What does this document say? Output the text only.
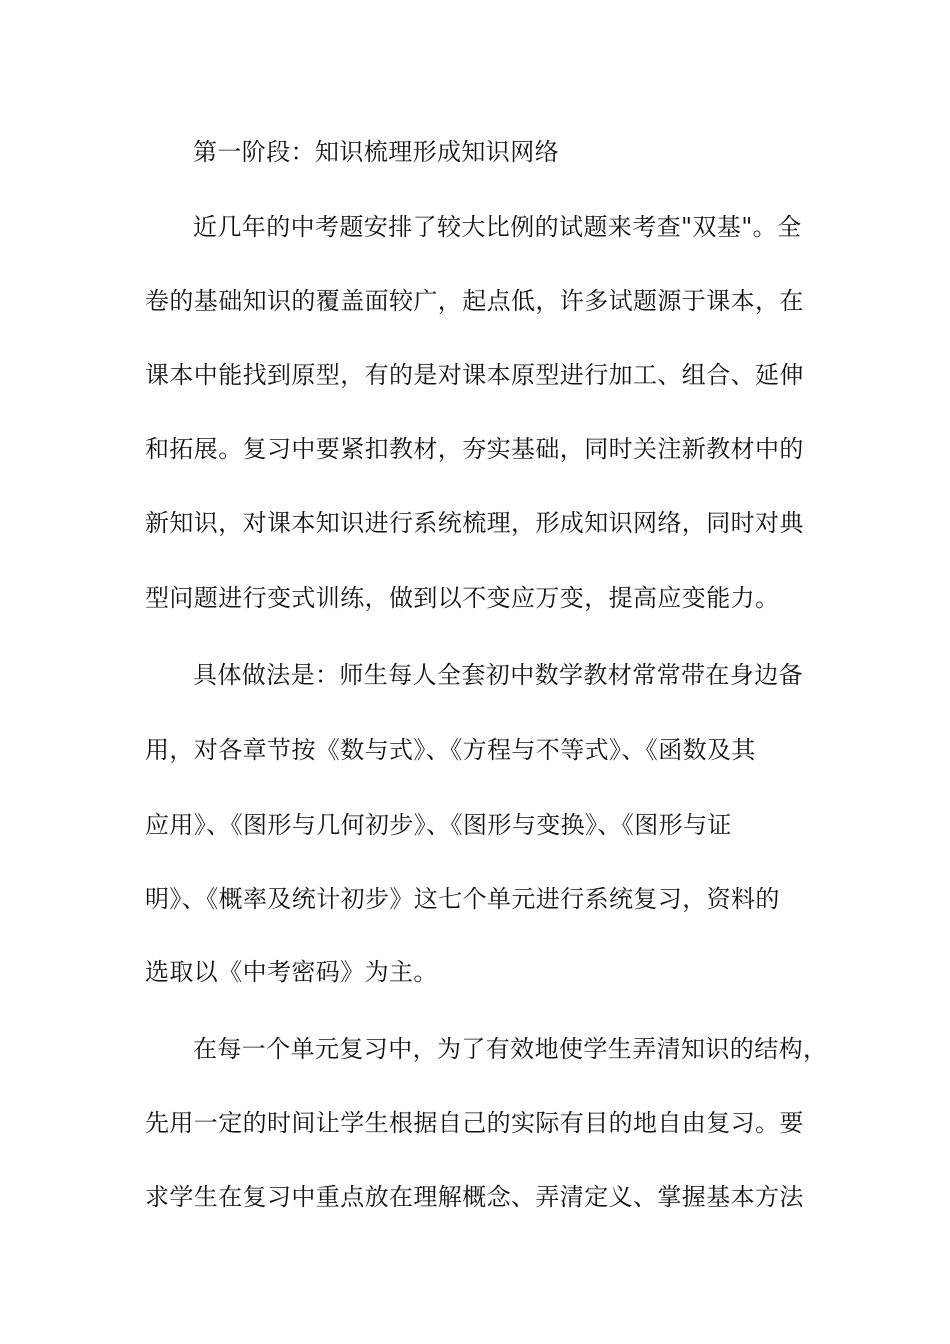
第一阶段：知识梳理形成知识网络
近几年的中考题安排了较大比例的试题来考查"双基"。全
卷的基础知识的覆盖面较广，起点低，许多试题源于课本，在
课本中能找到原型，有的是对课本原型进行加工、组合、延伸
和拓展。复习中要紧扣教材，夯实基础，同时关注新教材中的
新知识，对课本知识进行系统梳理，形成知识网络，同时对典
型问题进行变式训练，做到以不变应万变，提高应变能力。
具体做法是：师生每人全套初中数学教材常常带在身边备
用，对各章节按《数与式》、《方程与不等式》、《函数及其
应用》、《图形与几何初步》、《图形与变换》、《图形与证
明》、《概率及统计初步》这七个单元进行系统复习，资料的
选取以《中考密码》为主。
在每一个单元复习中，为了有效地使学生弄清知识的结构，
先用一定的时间让学生根据自己的实际有目的地自由复习。要
求学生在复习中重点放在理解概念、弄清定义、掌握基本方法
